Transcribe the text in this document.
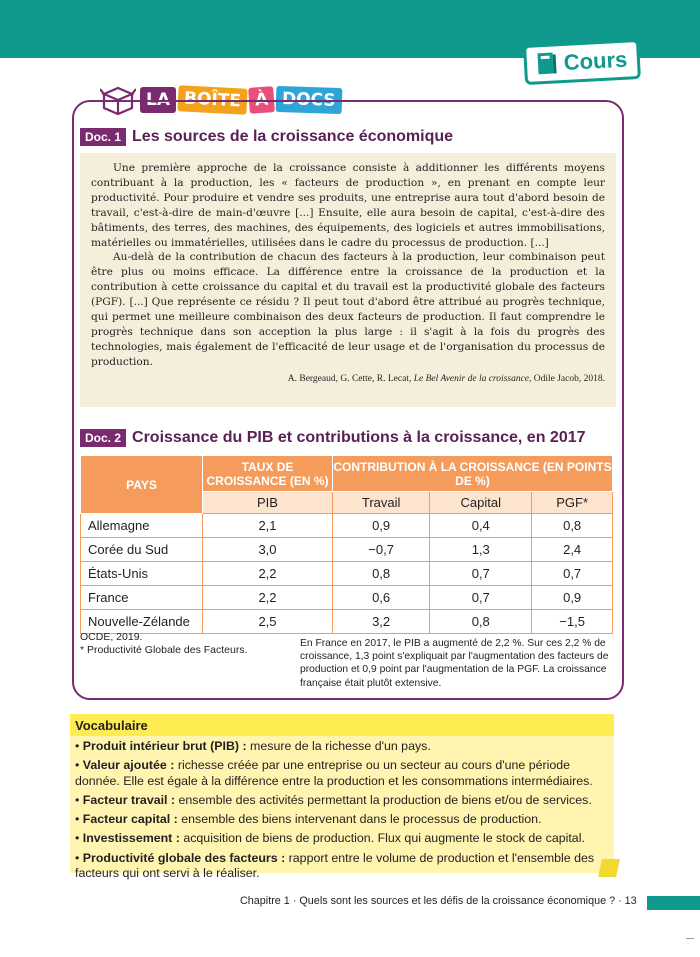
Cours
LA BOÎTE À DOCS
Doc. 1 Les sources de la croissance économique

Une première approche de la croissance consiste à additionner les différents moyens contribuant à la production, les « facteurs de production », en prenant en compte leur productivité. Pour produire et vendre ses produits, une entreprise aura tout d'abord besoin de travail, c'est-à-dire de main-d'œuvre [...] Ensuite, elle aura besoin de capital, c'est-à-dire des bâtiments, des terres, des machines, des équipements, des logiciels et autres immobilisations, matérielles ou immatérielles, utilisées dans le cadre du processus de production. [...]

Au-delà de la contribution de chacun des facteurs à la production, leur combinaison peut être plus ou moins efficace. La différence entre la croissance de la production et la contribution à cette croissance du capital et du travail est la productivité globale des facteurs (PGF). [...] Que représente ce résidu ? Il peut tout d'abord être attribué au progrès technique, qui permet une meilleure combinaison des deux facteurs de production. Il faut comprendre le progrès technique dans son acception la plus large : il s'agit à la fois du progrès des technologies, mais également de l'efficacité de leur usage et de l'organisation du processus de production.

A. Bergeaud, G. Cette, R. Lecat, Le Bel Avenir de la croissance, Odile Jacob, 2018.
Doc. 2 Croissance du PIB et contributions à la croissance, en 2017
PAYS	TAUX DE CROISSANCE (EN %)	CONTRIBUTION À LA CROISSANCE (EN POINTS DE %)		
	PIB	Travail	Capital	PGF*
Allemagne	2,1	0,9	0,4	0,8
Corée du Sud	3,0	−0,7	1,3	2,4
États-Unis	2,2	0,8	0,7	0,7
France	2,2	0,6	0,7	0,9
Nouvelle-Zélande	2,5	3,2	0,8	−1,5
OCDE, 2019.
* Productivité Globale des Facteurs.
En France en 2017, le PIB a augmenté de 2,2 %. Sur ces 2,2 % de croissance, 1,3 point s'expliquait par l'augmentation des facteurs de production et 0,9 point par l'augmentation de la PGF. La croissance française était plutôt extensive.
Vocabulaire
• Produit intérieur brut (PIB) : mesure de la richesse d'un pays.
• Valeur ajoutée : richesse créée par une entreprise ou un secteur au cours d'une période donnée. Elle est égale à la différence entre la production et les consommations intermédiaires.
• Facteur travail : ensemble des activités permettant la production de biens et/ou de services.
• Facteur capital : ensemble des biens intervenant dans le processus de production.
• Investissement : acquisition de biens de production. Flux qui augmente le stock de capital.
• Productivité globale des facteurs : rapport entre le volume de production et l'ensemble des facteurs qui ont servi à le réaliser.
Chapitre 1 · Quels sont les sources et les défis de la croissance économique ? · 13
